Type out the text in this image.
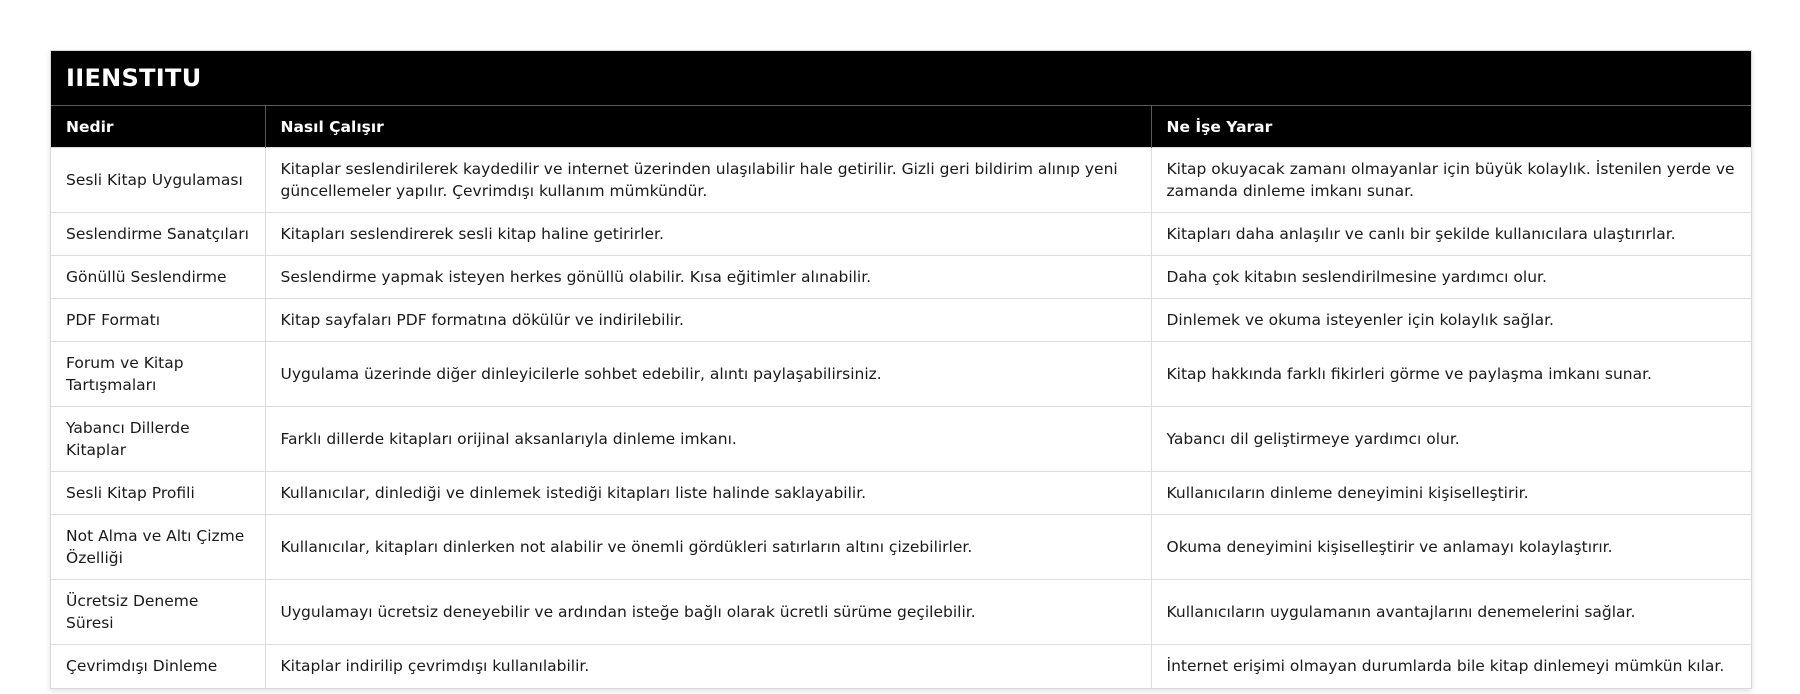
IIENSTITU
Nedir	Nasıl Çalışır	Ne İşe Yarar
Sesli Kitap Uygulaması	Kitaplar seslendirilerek kaydedilir ve internet üzerinden ulaşılabilir hale getirilir. Gizli geri bildirim alınıp yeni güncellemeler yapılır. Çevrimdışı kullanım mümkündür.	Kitap okuyacak zamanı olmayanlar için büyük kolaylık. İstenilen yerde ve zamanda dinleme imkanı sunar.
Seslendirme Sanatçıları	Kitapları seslendirerek sesli kitap haline getirirler.	Kitapları daha anlaşılır ve canlı bir şekilde kullanıcılara ulaştırırlar.
Gönüllü Seslendirme	Seslendirme yapmak isteyen herkes gönüllü olabilir. Kısa eğitimler alınabilir.	Daha çok kitabın seslendirilmesine yardımcı olur.
PDF Formatı	Kitap sayfaları PDF formatına dökülür ve indirilebilir.	Dinlemek ve okuma isteyenler için kolaylık sağlar.
Forum ve Kitap Tartışmaları	Uygulama üzerinde diğer dinleyicilerle sohbet edebilir, alıntı paylaşabilirsiniz.	Kitap hakkında farklı fikirleri görme ve paylaşma imkanı sunar.
Yabancı Dillerde Kitaplar	Farklı dillerde kitapları orijinal aksanlarıyla dinleme imkanı.	Yabancı dil geliştirmeye yardımcı olur.
Sesli Kitap Profili	Kullanıcılar, dinlediği ve dinlemek istediği kitapları liste halinde saklayabilir.	Kullanıcıların dinleme deneyimini kişiselleştirir.
Not Alma ve Altı Çizme Özelliği	Kullanıcılar, kitapları dinlerken not alabilir ve önemli gördükleri satırların altını çizebilirler.	Okuma deneyimini kişiselleştirir ve anlamayı kolaylaştırır.
Ücretsiz Deneme Süresi	Uygulamayı ücretsiz deneyebilir ve ardından isteğe bağlı olarak ücretli sürüme geçilebilir.	Kullanıcıların uygulamanın avantajlarını denemelerini sağlar.
Çevrimdışı Dinleme	Kitaplar indirilip çevrimdışı kullanılabilir.	İnternet erişimi olmayan durumlarda bile kitap dinlemeyi mümkün kılar.
